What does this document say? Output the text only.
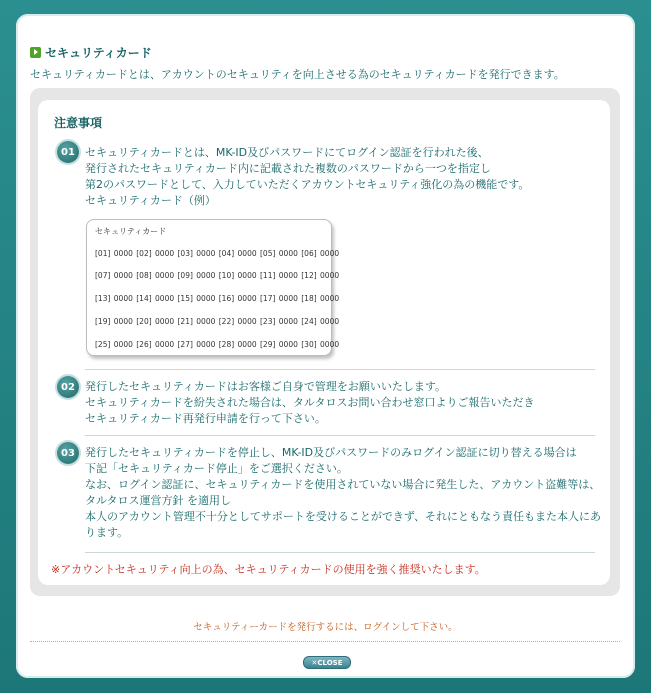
セキュリティカード
セキュリティカードとは、アカウントのセキュリティを向上させる為のセキュリティカードを発行できます。
注意事項
01 セキュリティカードとは、MK-ID及びパスワードにてログイン認証を行われた後、
発行されたセキュリティカード内に記載された複数のパスワードから一つを指定し
第2のパスワードとして、入力していただくアカウントセキュリティ強化の為の機能です。
セキュリティカード（例）
セキュリティカード
[01] 0000 [02] 0000 [03] 0000 [04] 0000 [05] 0000 [06] 0000
[07] 0000 [08] 0000 [09] 0000 [10] 0000 [11] 0000 [12] 0000
[13] 0000 [14] 0000 [15] 0000 [16] 0000 [17] 0000 [18] 0000
[19] 0000 [20] 0000 [21] 0000 [22] 0000 [23] 0000 [24] 0000
[25] 0000 [26] 0000 [27] 0000 [28] 0000 [29] 0000 [30] 0000
02 発行したセキュリティカードはお客様ご自身で管理をお願いいたします。
セキュリティカードを紛失された場合は、タルタロスお問い合わせ窓口よりご報告いただき
セキュリティカード再発行申請を行って下さい。
03 発行したセキュリティカードを停止し、MK-ID及びパスワードのみログイン認証に切り替える場合は
下記「セキュリティカード停止」をご選択ください。
なお、ログイン認証に、セキュリティカードを使用されていない場合に発生した、アカウント盗難等は、
タルタロス運営方針 を適用し
本人のアカウント管理不十分としてサポートを受けることができず、それにともなう責任もまた本人にあ
ります。
※アカウントセキュリティ向上の為、セキュリティカードの使用を強く推奨いたします。
セキュリティーカードを発行するには、ログインして下さい。
✕CLOSE
